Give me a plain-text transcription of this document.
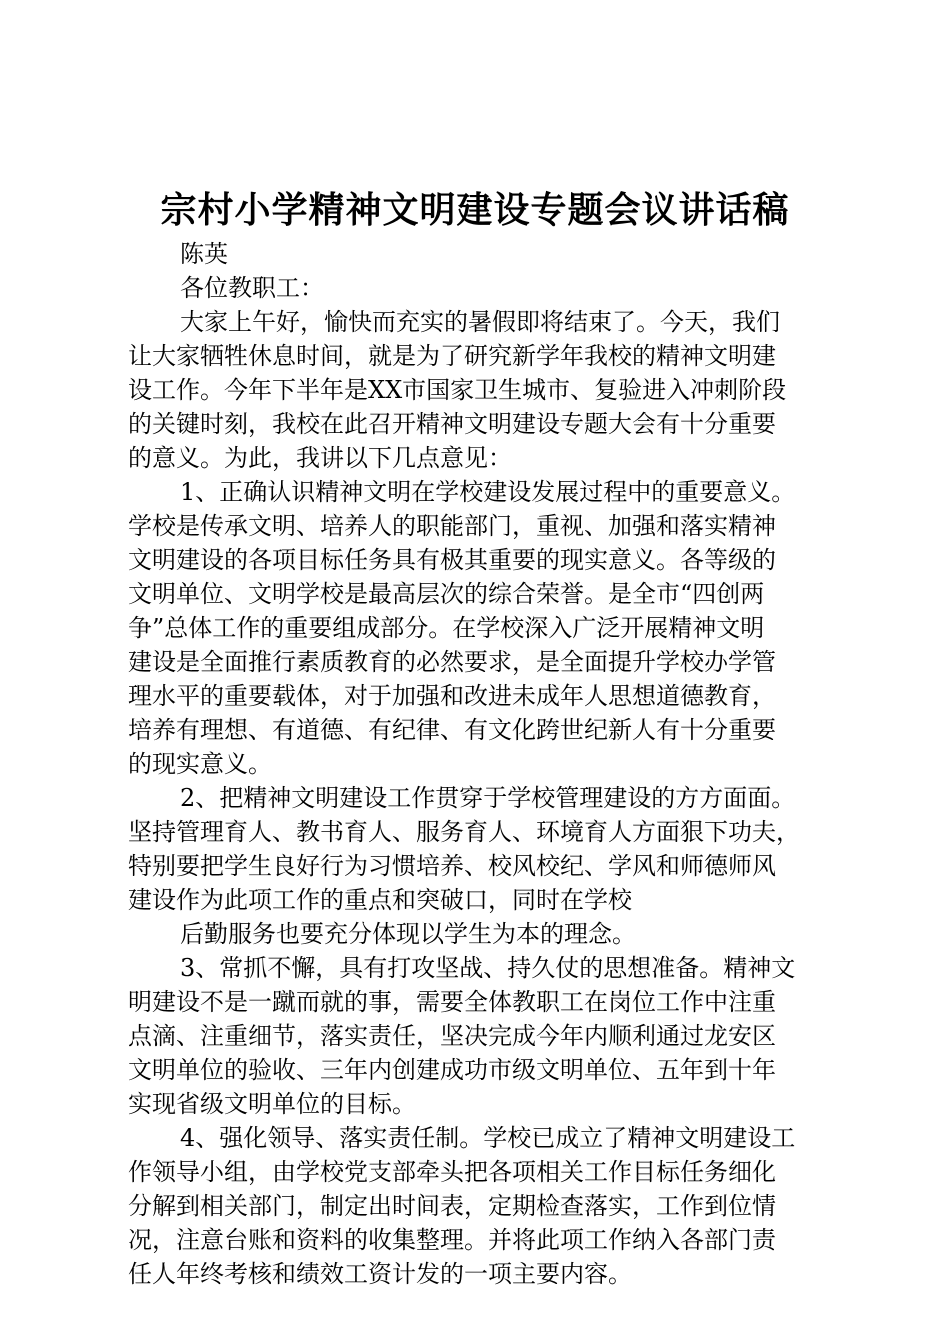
宗村小学精神文明建设专题会议讲话稿
陈英
各位教职工：
大家上午好，愉快而充实的暑假即将结束了。今天，我们
让大家牺牲休息时间，就是为了研究新学年我校的精神文明建
设工作。今年下半年是XX市国家卫生城市、复验进入冲刺阶段
的关键时刻，我校在此召开精神文明建设专题大会有十分重要
的意义。为此，我讲以下几点意见：
1、正确认识精神文明在学校建设发展过程中的重要意义。
学校是传承文明、培养人的职能部门，重视、加强和落实精神
文明建设的各项目标任务具有极其重要的现实意义。各等级的
文明单位、文明学校是最高层次的综合荣誉。是全市“四创两
争”总体工作的重要组成部分。在学校深入广泛开展精神文明
建设是全面推行素质教育的必然要求，是全面提升学校办学管
理水平的重要载体，对于加强和改进未成年人思想道德教育，
培养有理想、有道德、有纪律、有文化跨世纪新人有十分重要
的现实意义。
2、把精神文明建设工作贯穿于学校管理建设的方方面面。
坚持管理育人、教书育人、服务育人、环境育人方面狠下功夫，
特别要把学生良好行为习惯培养、校风校纪、学风和师德师风
建设作为此项工作的重点和突破口，同时在学校
后勤服务也要充分体现以学生为本的理念。
3、常抓不懈，具有打攻坚战、持久仗的思想准备。精神文
明建设不是一蹴而就的事，需要全体教职工在岗位工作中注重
点滴、注重细节，落实责任，坚决完成今年内顺利通过龙安区
文明单位的验收、三年内创建成功市级文明单位、五年到十年
实现省级文明单位的目标。
4、强化领导、落实责任制。学校已成立了精神文明建设工
作领导小组，由学校党支部牵头把各项相关工作目标任务细化
分解到相关部门，制定出时间表，定期检查落实，工作到位情
况，注意台账和资料的收集整理。并将此项工作纳入各部门责
任人年终考核和绩效工资计发的一项主要内容。
